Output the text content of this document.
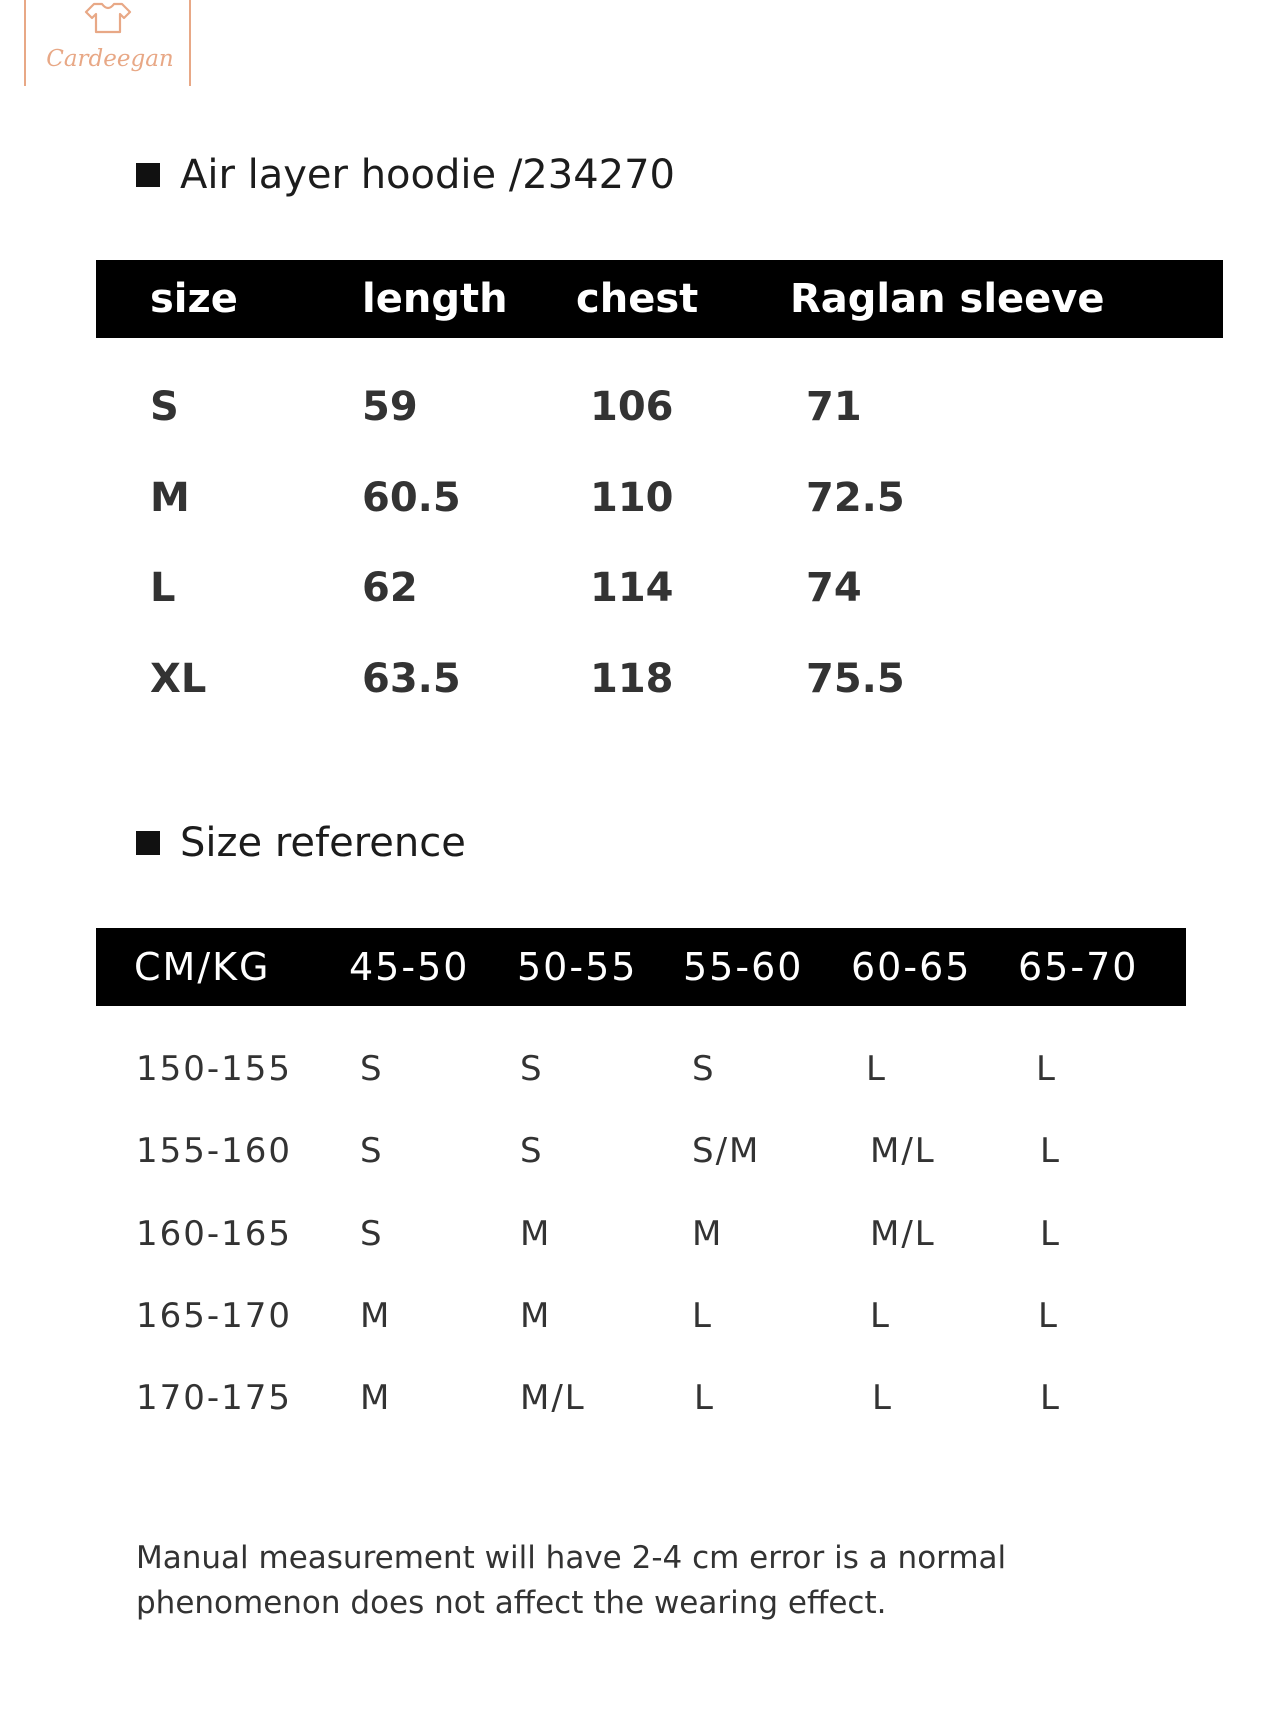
Cardeegan
Air layer hoodie /234270
size	length chest Raglan sleeve
S	59	106	71
M	60.5	110	72.5
L	62	114	74
XL	63.5	118	75.5
Size reference
CM/KG 45-50 50-55 55-60 60-65 65-70
150-155 S	S	S	L	L
155-160 S	S	S/M	M/L	L
160-165 S	M	M	M/L	L
165-170 M	M	L	L	L
170-175 M	M/L	L	L	L
Manual measurement will have 2-4 cm error is a normal phenomenon does not affect the wearing effect.
